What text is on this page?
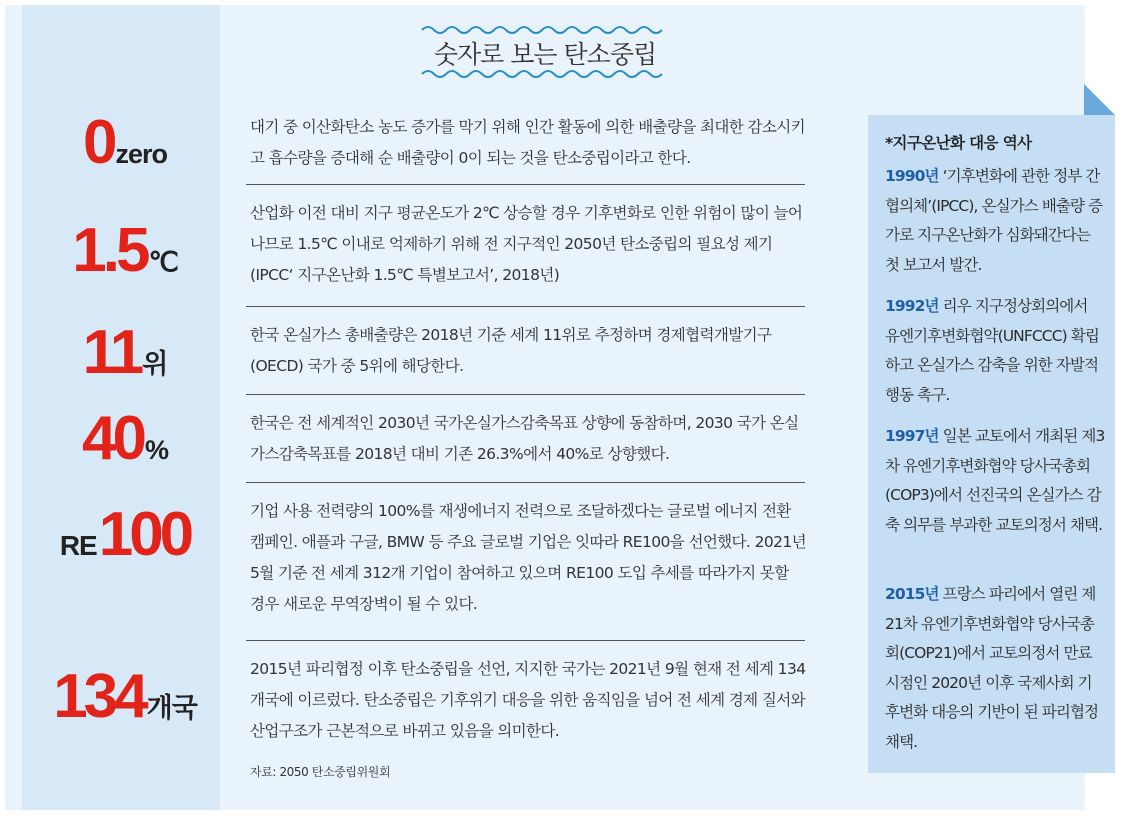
숫자로 보는 탄소중립
0zero

대기 중 이산화탄소 농도 증가를 막기 위해 인간 활동에 의한 배출량을 최대한 감소시키고 흡수량을 증대해 순 배출량이 0이 되는 것을 탄소중립이라고 한다.

1.5℃

산업화 이전 대비 지구 평균온도가 2℃ 상승할 경우 기후변화로 인한 위험이 많이 늘어나므로 1.5℃ 이내로 억제하기 위해 전 지구적인 2050년 탄소중립의 필요성 제기(IPCC‘ 지구온난화 1.5℃ 특별보고서’, 2018년)

11위

한국 온실가스 총배출량은 2018년 기준 세계 11위로 추정하며 경제협력개발기구(OECD) 국가 중 5위에 해당한다.

40%

한국은 전 세계적인 2030년 국가온실가스감축목표 상향에 동참하며, 2030 국가 온실가스감축목표를 2018년 대비 기존 26.3%에서 40%로 상향했다.

RE100	기업 사용 전력량의 100%를 재생에너지 전력으로 조달하겠다는 글로벌 에너지 전환 캠페인. 애플과 구글, BMW 등 주요 글로벌 기업은 잇따라 RE100을 선언했다. 2021년 5월 기준 전 세계 312개 기업이 참여하고 있으며 RE100 도입 추세를 따라가지 못할 경우 새로운 무역장벽이 될 수 있다.

134개국

2015년 파리협정 이후 탄소중립을 선언, 지지한 국가는 2021년 9월 현재 전 세계 134개국에 이르렀다. 탄소중립은 기후위기 대응을 위한 움직임을 넘어 전 세계 경제 질서와 산업구조가 근본적으로 바뀌고 있음을 의미한다.

자료: 2050 탄소중립위원회
*지구온난화 대응 역사

1990년 ‘기후변화에 관한 정부 간 협의체’(IPCC), 온실가스 배출량 증가로 지구온난화가 심화돼간다는 첫 보고서 발간.

1992년 리우 지구정상회의에서 유엔기후변화협약(UNFCCC) 확립하고 온실가스 감축을 위한 자발적 행동 촉구.

1997년 일본 교토에서 개최된 제3차 유엔기후변화협약 당사국총회(COP3)에서 선진국의 온실가스 감축 의무를 부과한 교토의정서 채택.

2015년 프랑스 파리에서 열린 제21차 유엔기후변화협약 당사국총회(COP21)에서 교토의정서 만료 시점인 2020년 이후 국제사회 기후변화 대응의 기반이 된 파리협정 채택.
